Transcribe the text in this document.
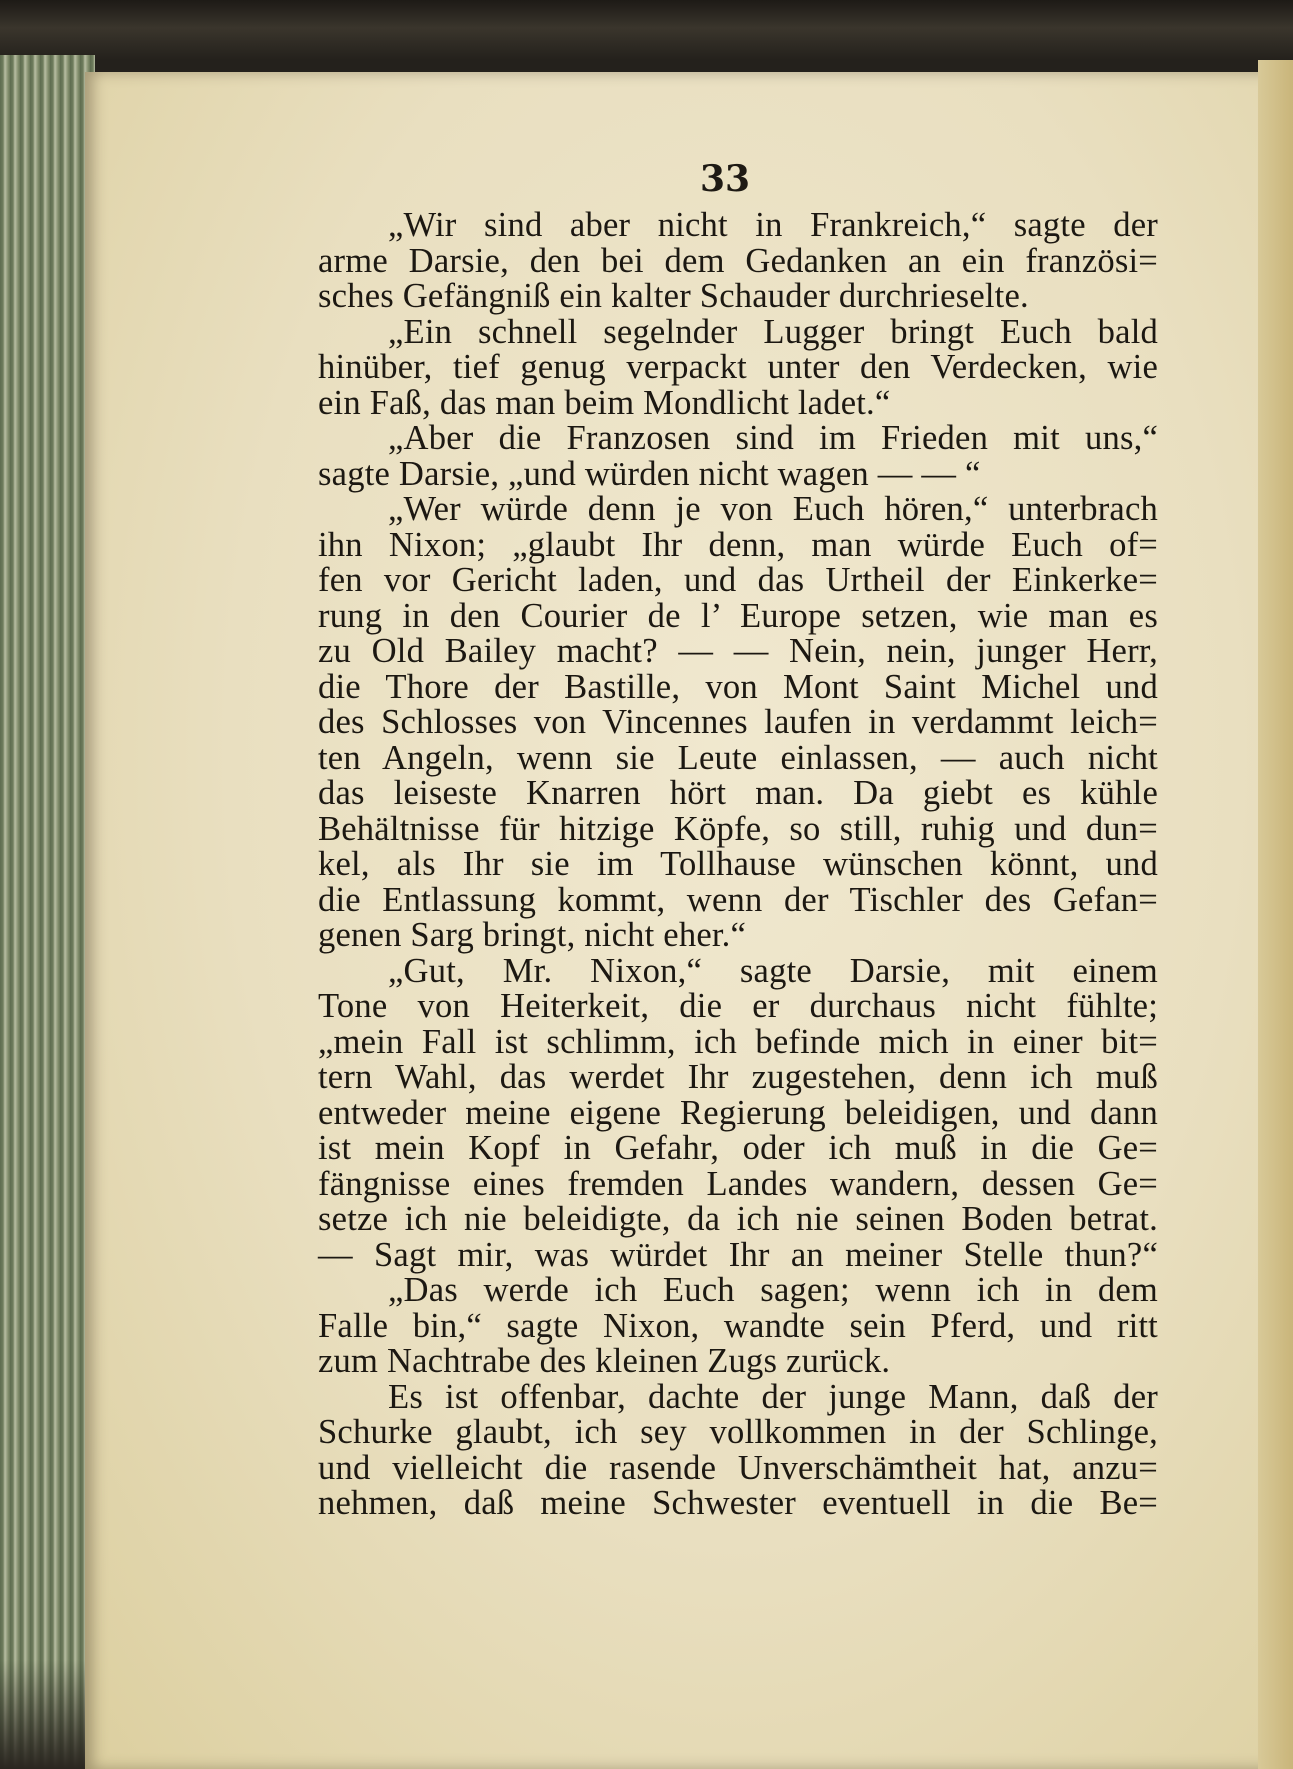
33
„Wir sind aber nicht in Frankreich,“ sagte der
arme Darsie, den bei dem Gedanken an ein französi=
sches Gefängniß ein kalter Schauder durchrieselte.
„Ein schnell segelnder Lugger bringt Euch bald
hinüber, tief genug verpackt unter den Verdecken, wie
ein Faß, das man beim Mondlicht ladet.“
„Aber die Franzosen sind im Frieden mit uns,“
sagte Darsie, „und würden nicht wagen — — “
„Wer würde denn je von Euch hören,“ unterbrach
ihn Nixon; „glaubt Ihr denn, man würde Euch of=
fen vor Gericht laden, und das Urtheil der Einkerke=
rung in den Courier de l’ Europe setzen, wie man es
zu Old Bailey macht? — — Nein, nein, junger Herr,
die Thore der Bastille, von Mont Saint Michel und
des Schlosses von Vincennes laufen in verdammt leich=
ten Angeln, wenn sie Leute einlassen, — auch nicht
das leiseste Knarren hört man. Da giebt es kühle
Behältnisse für hitzige Köpfe, so still, ruhig und dun=
kel, als Ihr sie im Tollhause wünschen könnt, und
die Entlassung kommt, wenn der Tischler des Gefan=
genen Sarg bringt, nicht eher.“
„Gut, Mr. Nixon,“ sagte Darsie, mit einem
Tone von Heiterkeit, die er durchaus nicht fühlte;
„mein Fall ist schlimm, ich befinde mich in einer bit=
tern Wahl, das werdet Ihr zugestehen, denn ich muß
entweder meine eigene Regierung beleidigen, und dann
ist mein Kopf in Gefahr, oder ich muß in die Ge=
fängnisse eines fremden Landes wandern, dessen Ge=
setze ich nie beleidigte, da ich nie seinen Boden betrat.
— Sagt mir, was würdet Ihr an meiner Stelle thun?“
„Das werde ich Euch sagen; wenn ich in dem
Falle bin,“ sagte Nixon, wandte sein Pferd, und ritt
zum Nachtrabe des kleinen Zugs zurück.
Es ist offenbar, dachte der junge Mann, daß der
Schurke glaubt, ich sey vollkommen in der Schlinge,
und vielleicht die rasende Unverschämtheit hat, anzu=
nehmen, daß meine Schwester eventuell in die Be=
